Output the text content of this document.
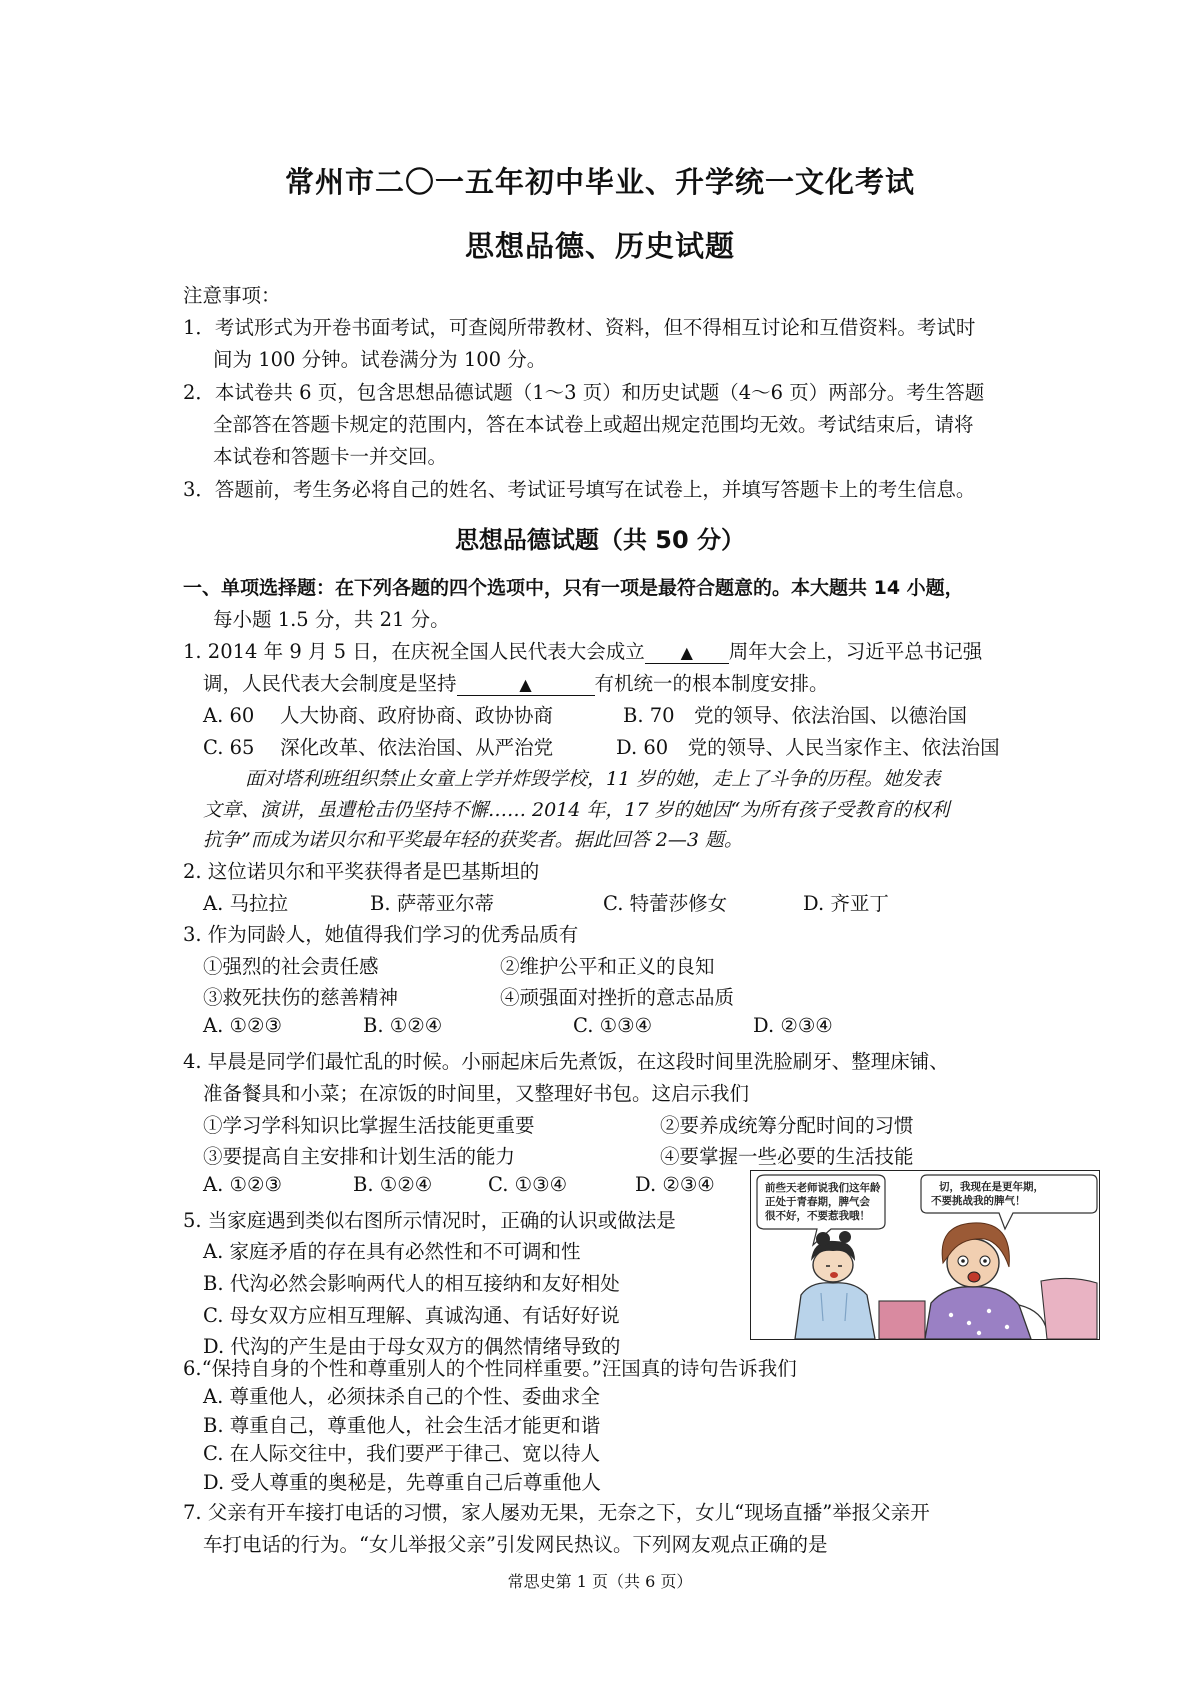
常州市二〇一五年初中毕业、升学统一文化考试
思想品德、历史试题
注意事项：
1．考试形式为开卷书面考试，可查阅所带教材、资料，但不得相互讨论和互借资料。考试时
间为 100 分钟。试卷满分为 100 分。
2．本试卷共 6 页，包含思想品德试题（1～3 页）和历史试题（4～6 页）两部分。考生答题
全部答在答题卡规定的范围内，答在本试卷上或超出规定范围均无效。考试结束后，请将
本试卷和答题卡一并交回。
3．答题前，考生务必将自己的姓名、考试证号填写在试卷上，并填写答题卡上的考生信息。
思想品德试题（共 50 分）
一、单项选择题：在下列各题的四个选项中，只有一项是最符合题意的。本大题共 14 小题，
每小题 1.5 分，共 21 分。
1. 2014 年 9 月 5 日，在庆祝全国人民代表大会成立 ▲ 周年大会上，习近平总书记强
调，人民代表大会制度是坚持	▲	有机统一的根本制度安排。
A. 60　 人大协商、政府协商、政协协商	B. 70　党的领导、依法治国、以德治国
C. 65　 深化改革、依法治国、从严治党	D. 60　党的领导、人民当家作主、依法治国
面对塔利班组织禁止女童上学并炸毁学校，11 岁的她，走上了斗争的历程。她发表
文章、演讲，虽遭枪击仍坚持不懈…… 2014 年，17 岁的她因“为所有孩子受教育的权利
抗争”而成为诺贝尔和平奖最年轻的获奖者。据此回答 2—3 题。
2. 这位诺贝尔和平奖获得者是巴基斯坦的
A. 马拉拉	B. 萨蒂亚尔蒂	C. 特蕾莎修女	D. 齐亚丁
3. 作为同龄人，她值得我们学习的优秀品质有
①强烈的社会责任感	②维护公平和正义的良知
③救死扶伤的慈善精神	④顽强面对挫折的意志品质
A. ①②③	B. ①②④	C. ①③④	D. ②③④
4. 早晨是同学们最忙乱的时候。小丽起床后先煮饭，在这段时间里洗脸刷牙、整理床铺、
准备餐具和小菜；在凉饭的时间里，又整理好书包。这启示我们
①学习学科知识比掌握生活技能更重要	②要养成统筹分配时间的习惯
③要提高自主安排和计划生活的能力	④要掌握一些必要的生活技能
A. ①②③	B. ①②④	C. ①③④	D. ②③④
5. 当家庭遇到类似右图所示情况时，正确的认识或做法是
A. 家庭矛盾的存在具有必然性和不可调和性
B. 代沟必然会影响两代人的相互接纳和友好相处
C. 母女双方应相互理解、真诚沟通、有话好好说
D. 代沟的产生是由于母女双方的偶然情绪导致的
前些天老师说我们这年龄
正处于青春期，脾气会
很不好，不要惹我哦！
切，我现在是更年期，
不要挑战我的脾气！
6.“保持自身的个性和尊重别人的个性同样重要。”汪国真的诗句告诉我们
A. 尊重他人，必须抹杀自己的个性、委曲求全
B. 尊重自己，尊重他人，社会生活才能更和谐
C. 在人际交往中，我们要严于律己、宽以待人
D. 受人尊重的奥秘是，先尊重自己后尊重他人
7. 父亲有开车接打电话的习惯，家人屡劝无果，无奈之下，女儿“现场直播”举报父亲开
车打电话的行为。“女儿举报父亲”引发网民热议。下列网友观点正确的是
常思史第 1 页（共 6 页）
